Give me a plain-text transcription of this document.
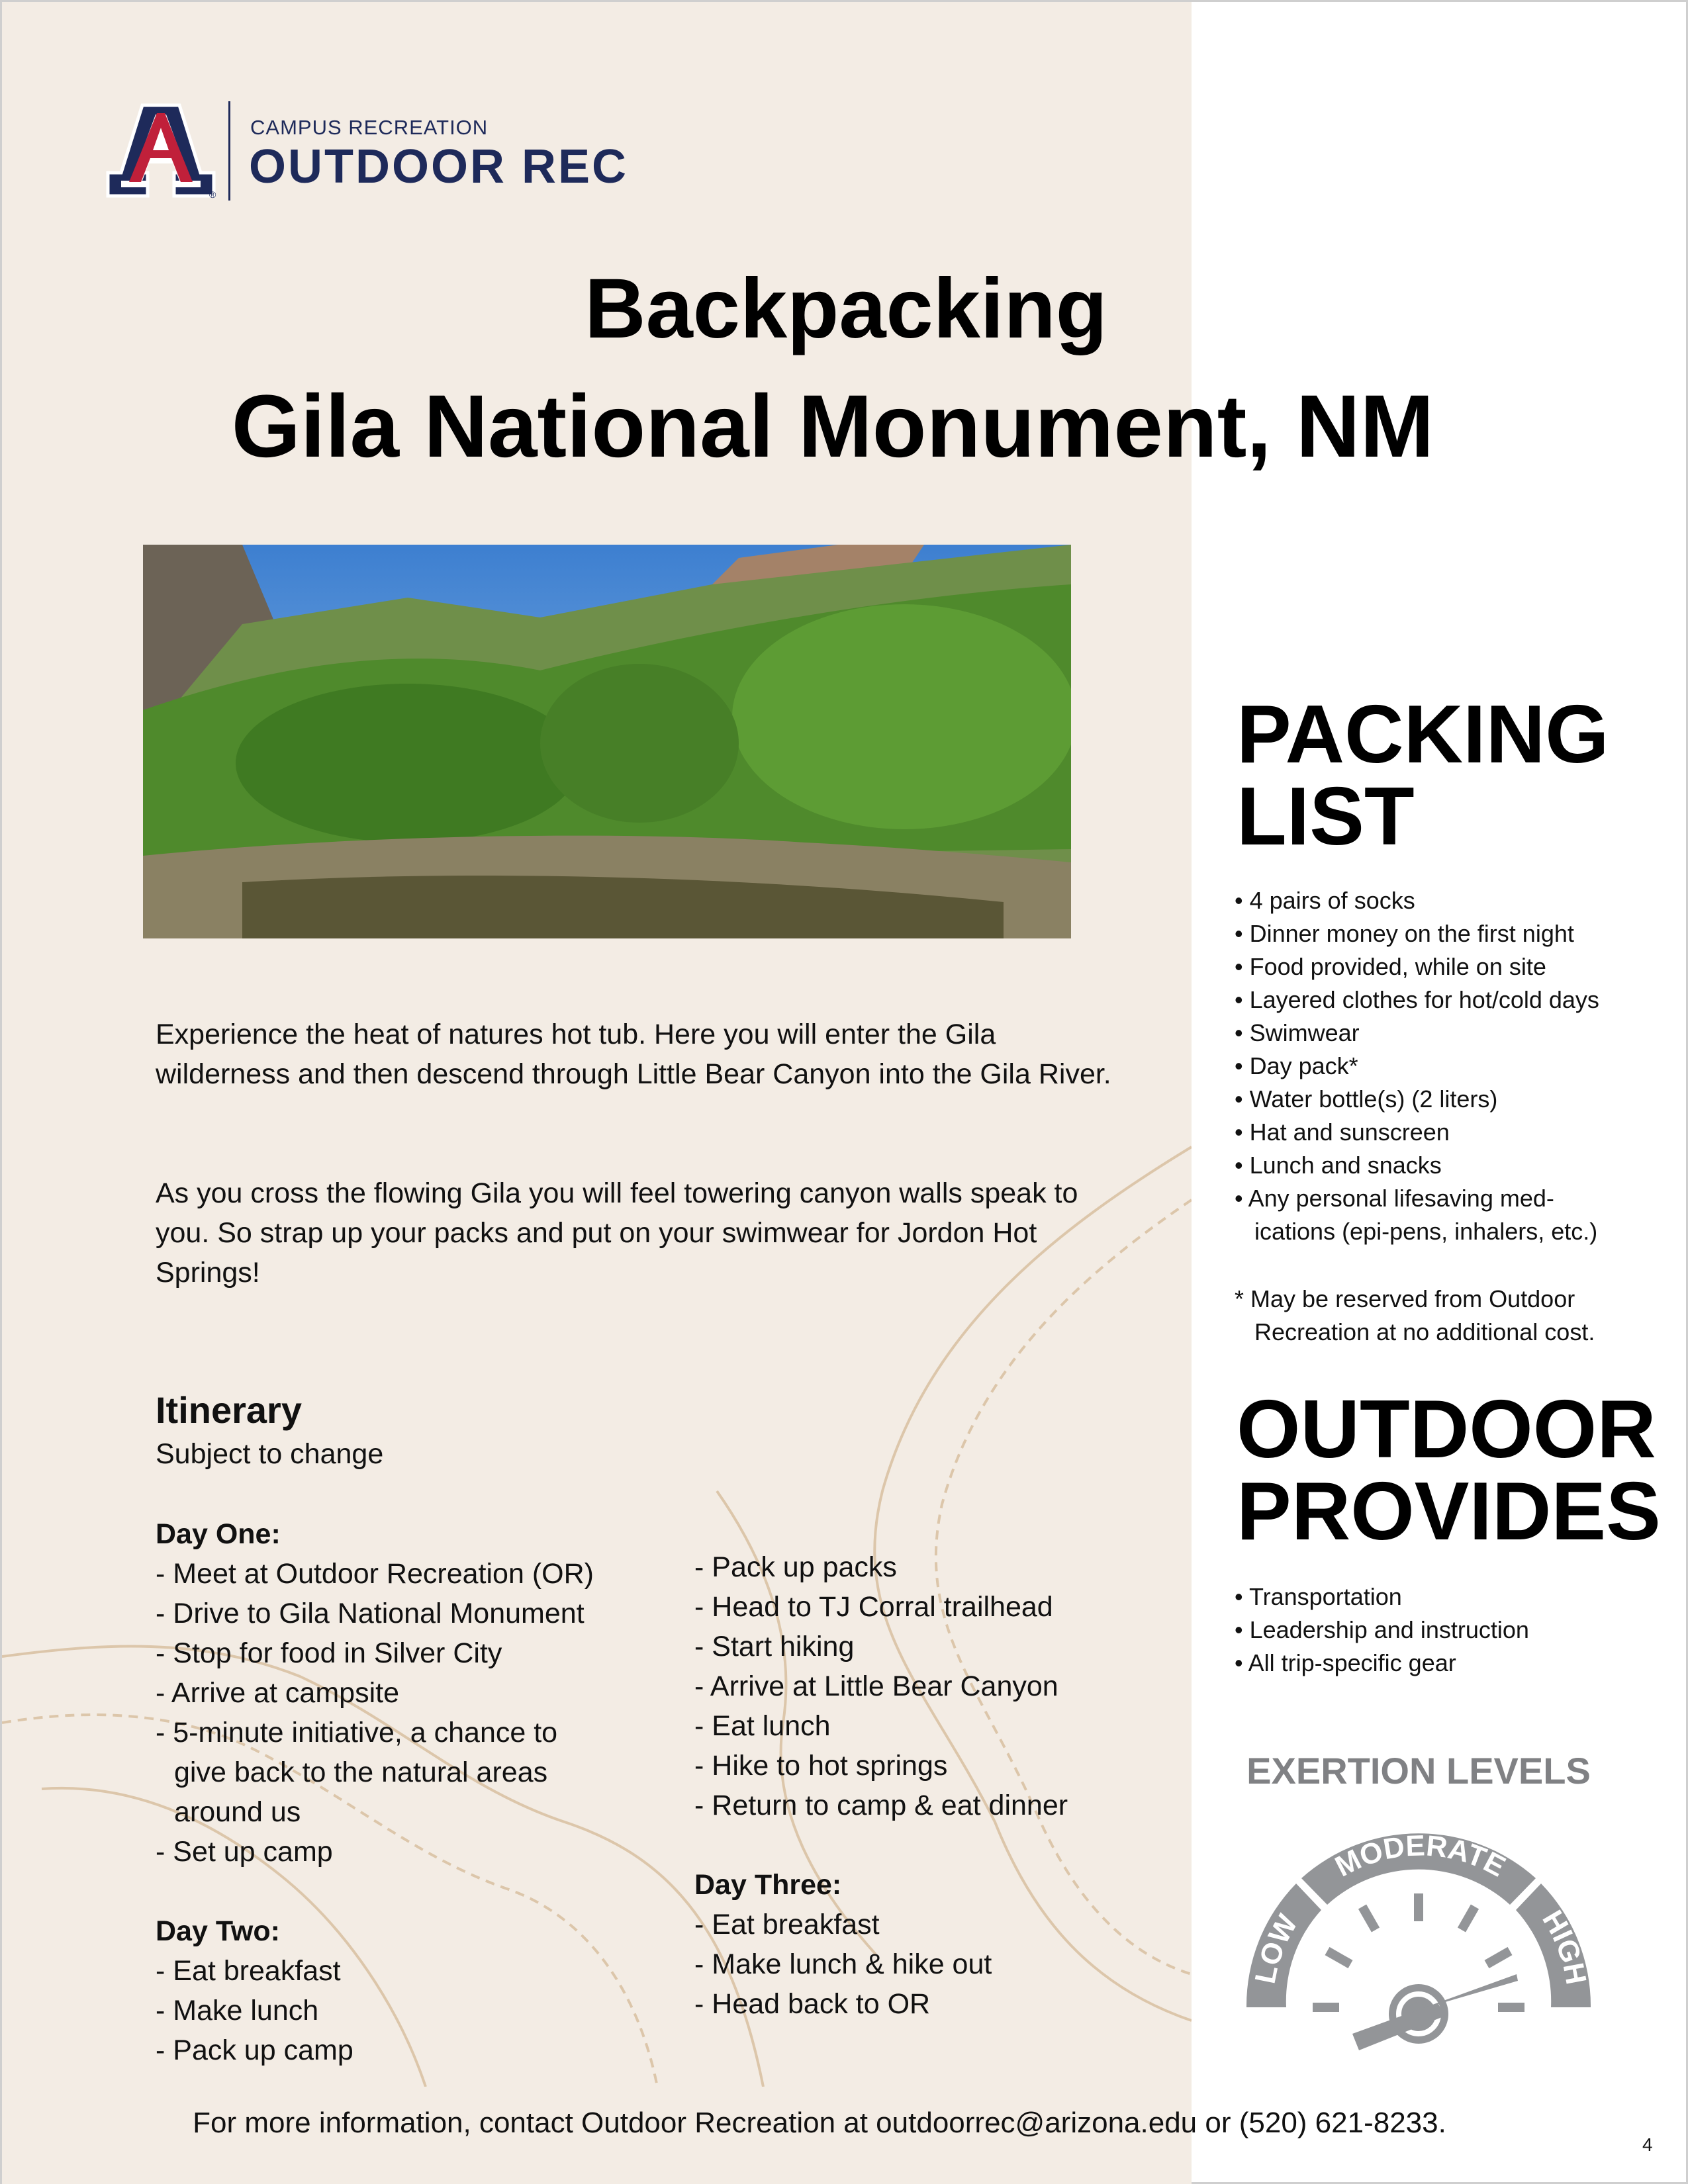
®
CAMPUS RECREATION
OUTDOOR REC
Backpacking
Gila National Monument, NM
Experience the heat of natures hot tub. Here you will enter the Gila wilderness and then descend through Little Bear Canyon into the Gila River.
As you cross the flowing Gila you will feel towering canyon walls speak to you. So strap up your packs and put on your swimwear for Jordon Hot Springs!
Itinerary
Subject to change
Day One:
- Meet at Outdoor Recreation (OR)
- Drive to Gila National Monument
- Stop for food in Silver City
- Arrive at campsite
- 5-minute initiative, a chance to give back to the natural areas around us
- Set up camp
Day Two:
- Eat breakfast
- Make lunch
- Pack up camp
- Pack up packs
- Head to TJ Corral trailhead
- Start hiking
- Arrive at Little Bear Canyon
- Eat lunch
- Hike to hot springs
- Return to camp & eat dinner
Day Three:
- Eat breakfast
- Make lunch & hike out
- Head back to OR
PACKING
LIST
• 4 pairs of socks
• Dinner money on the first night
• Food provided, while on site
• Layered clothes for hot/cold days
• Swimwear
• Day pack*
• Water bottle(s) (2 liters)
• Hat and sunscreen
• Lunch and snacks
• Any personal lifesaving med-ications (epi-pens, inhalers, etc.)
* May be reserved from Outdoor Recreation at no additional cost.
OUTDOOR
PROVIDES
• Transportation
• Leadership and instruction
• All trip-specific gear
EXERTION LEVELS
LOW
MODERATE
HIGH
For more information, contact Outdoor Recreation at outdoorrec@arizona.edu or (520) 621-8233.
4
